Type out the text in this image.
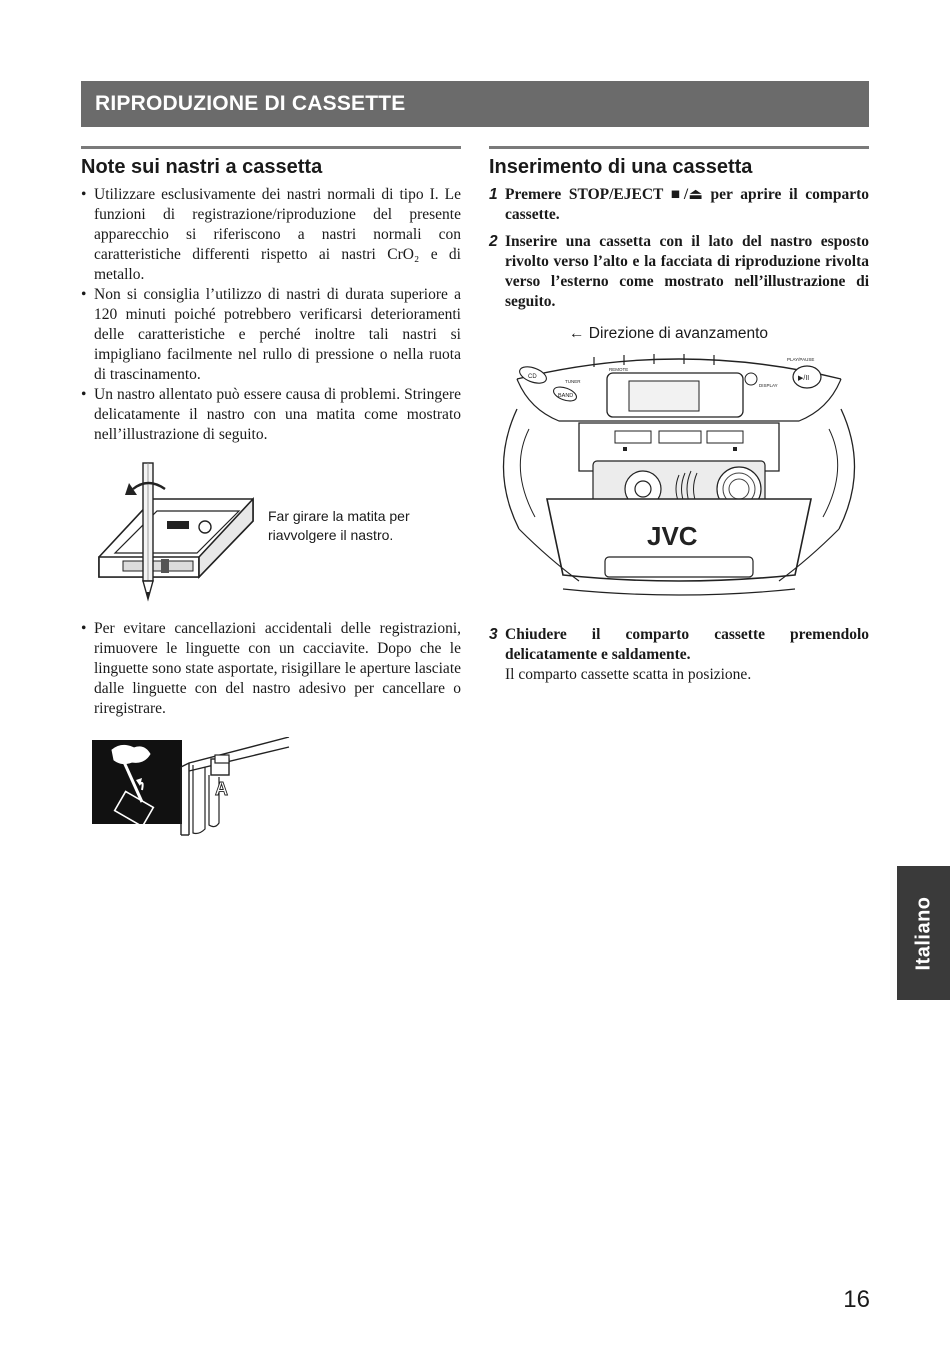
RIPRODUZIONE DI CASSETTE
Note sui nastri a cassetta
• Utilizzare esclusivamente dei nastri normali di tipo I. Le funzioni di registrazione/riproduzione del presente apparecchio si riferiscono a nastri normali con caratteristiche differenti rispetto ai nastri CrO₂ e di metallo.
• Non si consiglia l’utilizzo di nastri di durata superiore a 120 minuti poiché potrebbero verificarsi deterioramenti delle caratteristiche e perché inoltre tali nastri si impigliano facilmente nel rullo di pressione o nella ruota di trascinamento.
• Un nastro allentato può essere causa di problemi. Stringere delicatamente il nastro con una matita come mostrato nell’illustrazione di seguito.
Far girare la matita per riavvolgere il nastro.
• Per evitare cancellazioni accidentali delle registrazioni, rimuovere le linguette con un cacciavite. Dopo che le linguette sono state asportate, risigillare le aperture lasciate dalle linguette con del nastro adesivo per cancellare o riregistrare.
A
Inserimento di una cassetta
1 Premere STOP/EJECT ■/⏏ per aprire il comparto cassette.
2 Inserire una cassetta con il lato del nastro esposto rivolto verso l’alto e la facciata di riproduzione rivolta verso l’esterno come mostrato nell’illustrazione di seguito.
← Direzione di avanzamento
CD
TUNER
BAND
REMOTE
DISPLAY
PLAY/PAUSE
▶/II
JVC
3 Chiudere il comparto cassette premendolo delicatamente e saldamente.
Il comparto cassette scatta in posizione.
Italiano
16
